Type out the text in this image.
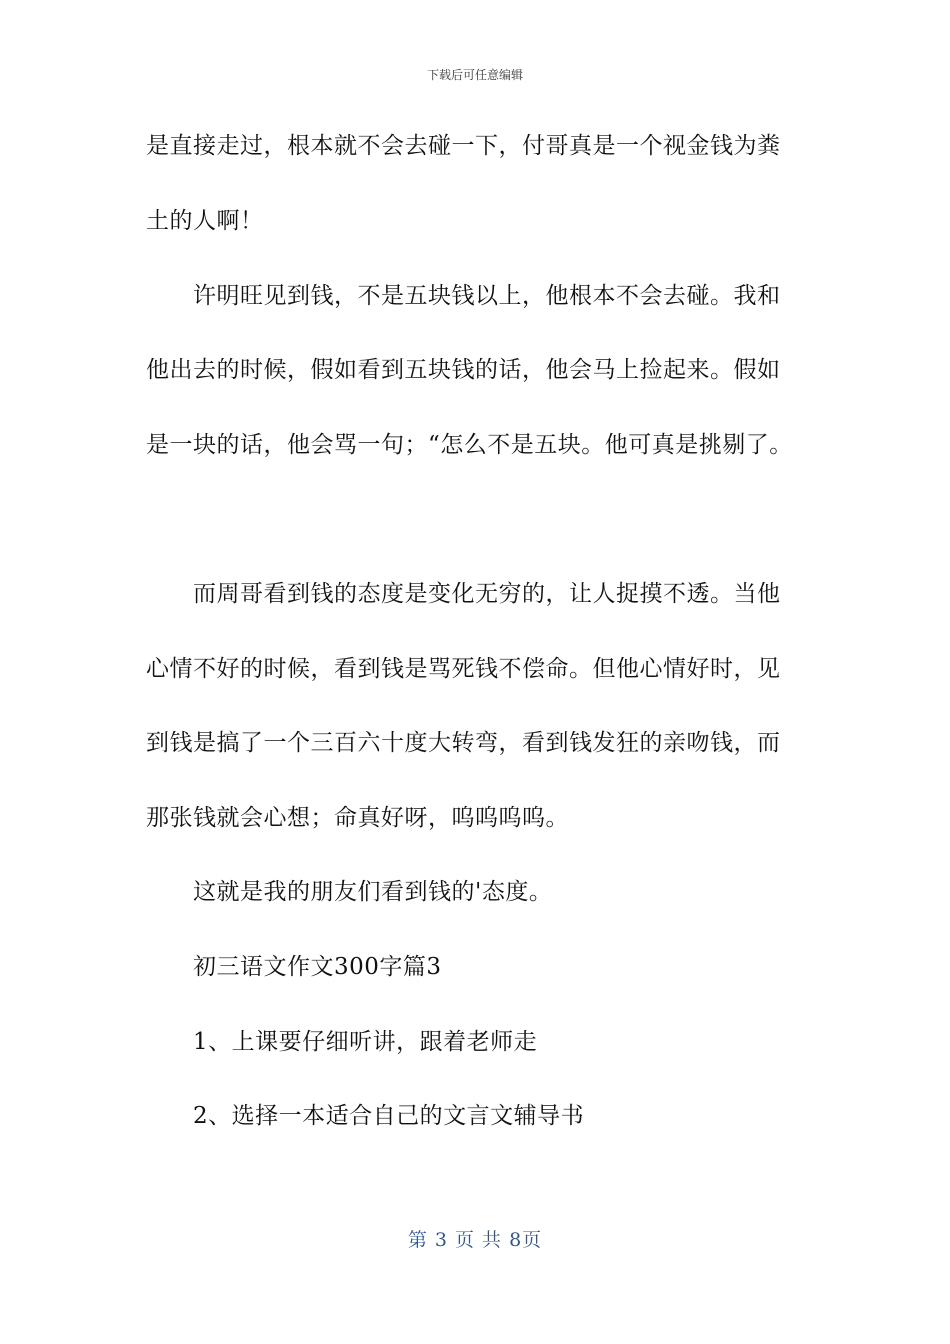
下载后可任意编辑
是直接走过，根本就不会去碰一下，付哥真是一个视金钱为粪
土的人啊！
许明旺见到钱，不是五块钱以上，他根本不会去碰。我和
他出去的时候，假如看到五块钱的话，他会马上捡起来。假如
是一块的话，他会骂一句；“怎么不是五块。他可真是挑剔了。
而周哥看到钱的态度是变化无穷的，让人捉摸不透。当他
心情不好的时候，看到钱是骂死钱不偿命。但他心情好时，见
到钱是搞了一个三百六十度大转弯，看到钱发狂的亲吻钱，而
那张钱就会心想；命真好呀，呜呜呜呜。
这就是我的朋友们看到钱的'态度。
初三语文作文300字篇3
1、上课要仔细听讲，跟着老师走
2、选择一本适合自己的文言文辅导书
第 3 页 共 8页
